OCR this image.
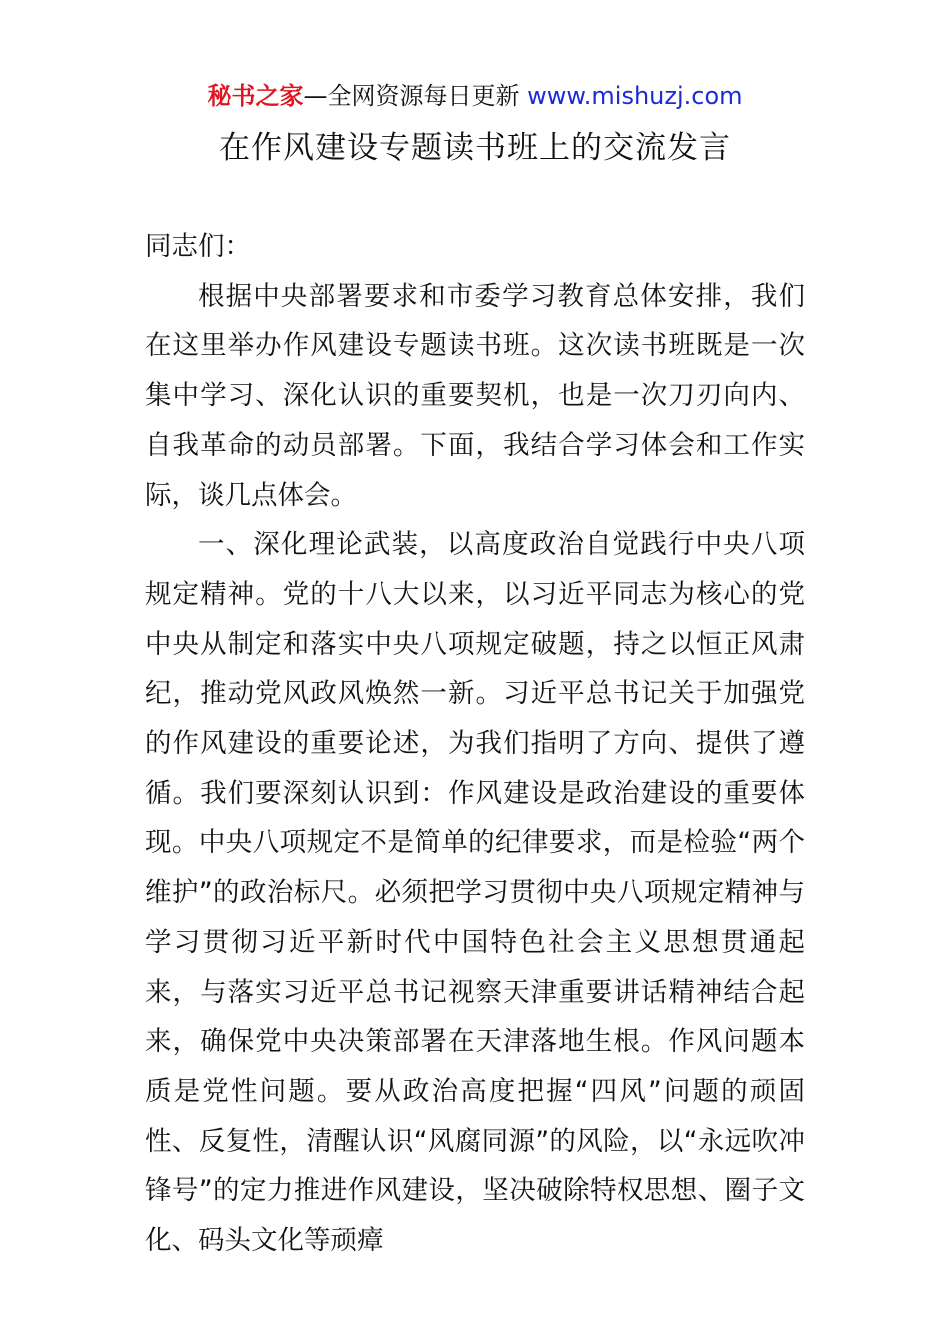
秘书之家—全网资源每日更新 www.mishuzj.com
在作风建设专题读书班上的交流发言

同志们：

根据中央部署要求和市委学习教育总体安排，我们在这里举办作风建设专题读书班。这次读书班既是一次集中学习、深化认识的重要契机，也是一次刀刃向内、自我革命的动员部署。下面，我结合学习体会和工作实际，谈几点体会。

一、深化理论武装，以高度政治自觉践行中央八项规定精神。党的十八大以来，以习近平同志为核心的党中央从制定和落实中央八项规定破题，持之以恒正风肃纪，推动党风政风焕然一新。习近平总书记关于加强党的作风建设的重要论述，为我们指明了方向、提供了遵循。我们要深刻认识到：作风建设是政治建设的重要体现。中央八项规定不是简单的纪律要求，而是检验“两个维护”的政治标尺。必须把学习贯彻中央八项规定精神与学习贯彻习近平新时代中国特色社会主义思想贯通起来，与落实习近平总书记视察天津重要讲话精神结合起来，确保党中央决策部署在天津落地生根。作风问题本质是党性问题。要从政治高度把握“四风”问题的顽固性、反复性，清醒认识“风腐同源”的风险，以“永远吹冲锋号”的定力推进作风建设，坚决破除特权思想、圈子文化、码头文化等顽瘴
